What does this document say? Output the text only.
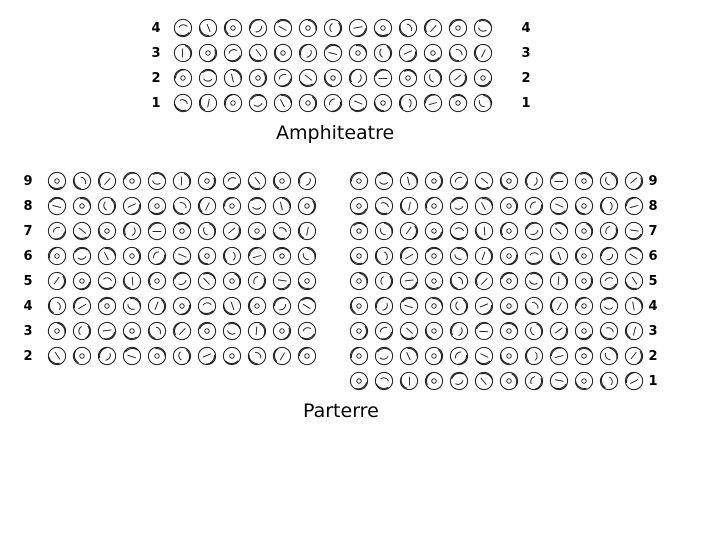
4
3
2
1
4
3
2
1
Amphiteatre
9
8
7
6
5
4
3
2
9
8
7
6
5
4
3
2
1
Parterre
